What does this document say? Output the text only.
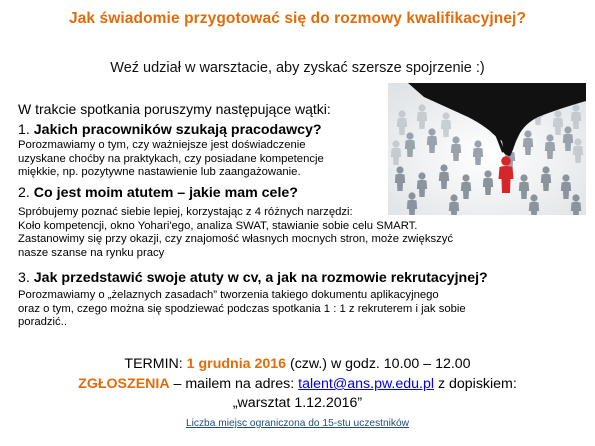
Jak świadomie przygotować się do rozmowy kwalifikacyjnej?
Weź udział w warsztacie, aby zyskać szersze spojrzenie :)
W trakcie spotkania poruszymy następujące wątki:
1. Jakich pracowników szukają pracodawcy?
Porozmawiamy o tym, czy ważniejsze jest doświadczenie
uzyskane choćby na praktykach, czy posiadane kompetencje
miękkie, np. pozytywne nastawienie lub zaangażowanie.
2. Co jest moim atutem – jakie mam cele?
Spróbujemy poznać siebie lepiej, korzystając z 4 różnych narzędzi:
Koło kompetencji, okno Yohari'ego, analiza SWAT, stawianie sobie celu SMART.
Zastanowimy się przy okazji, czy znajomość własnych mocnych stron, może zwiększyć
nasze szanse na rynku pracy
3. Jak przedstawić swoje atuty w cv, a jak na rozmowie rekrutacyjnej?
Porozmawiamy o „żelaznych zasadach” tworzenia takiego dokumentu aplikacyjnego
oraz o tym, czego można się spodziewać podczas spotkania 1 : 1 z rekruterem i jak sobie
poradzić..
TERMIN: 1 grudnia 2016 (czw.) w godz. 10.00 – 12.00
ZGŁOSZENIA – mailem na adres: talent@ans.pw.edu.pl z dopiskiem:
„warsztat 1.12.2016”
Liczba miejsc ograniczona do 15-stu uczestników
